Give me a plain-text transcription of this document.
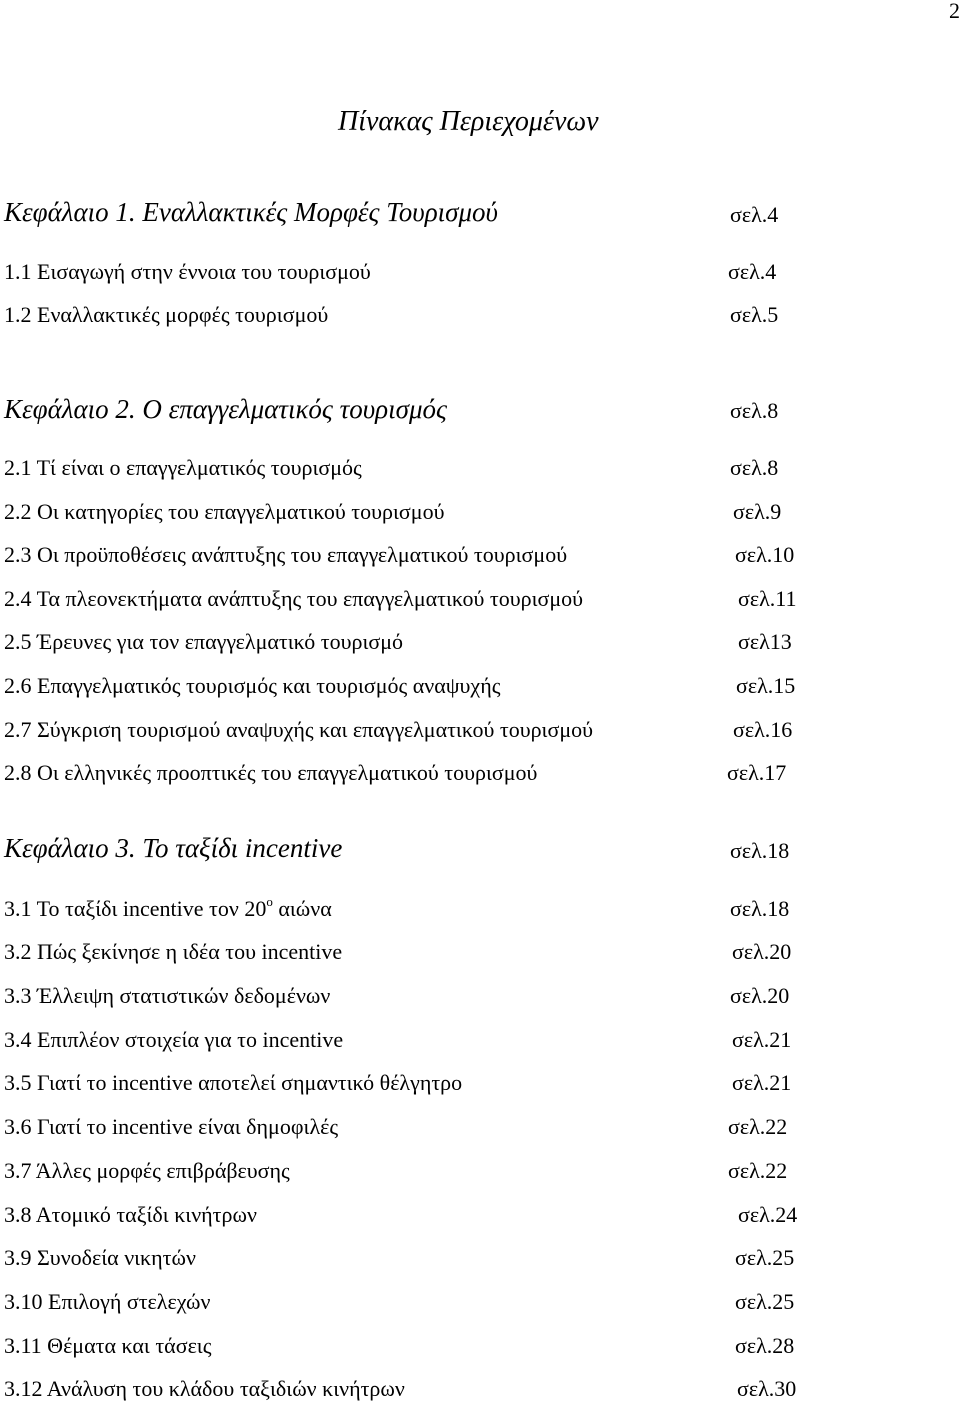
2
Πίνακας Περιεχομένων
Κεφάλαιο 1. Εναλλακτικές Μορφές Τουρισμού	σελ.4
1.1 Εισαγωγή στην έννοια του τουρισμού	σελ.4
1.2 Εναλλακτικές μορφές τουρισμού	σελ.5
Κεφάλαιο 2. Ο επαγγελματικός τουρισμός	σελ.8
2.1 Τί είναι ο επαγγελματικός τουρισμός	σελ.8
2.2 Οι κατηγορίες του επαγγελματικού τουρισμού	σελ.9
2.3 Οι προϋποθέσεις ανάπτυξης του επαγγελματικού τουρισμού	σελ.10
2.4 Τα πλεονεκτήματα ανάπτυξης του επαγγελματικού τουρισμού	σελ.11
2.5 Έρευνες για τον επαγγελματικό τουρισμό	σελ13
2.6 Επαγγελματικός τουρισμός και τουρισμός αναψυχής	σελ.15
2.7 Σύγκριση τουρισμού αναψυχής και επαγγελματικού τουρισμού	σελ.16
2.8 Οι ελληνικές προοπτικές του επαγγελματικού τουρισμού	σελ.17
Κεφάλαιο 3. Το ταξίδι incentive	σελ.18
3.1 Το ταξίδι incentive τον $20^o$ αιώνα	σελ.18
3.2 Πώς ξεκίνησε η ιδέα του incentive	σελ.20
3.3 Έλλειψη στατιστικών δεδομένων	σελ.20
3.4 Επιπλέον στοιχεία για το incentive	σελ.21
3.5 Γιατί το incentive αποτελεί σημαντικό θέλγητρο	σελ.21
3.6 Γιατί το incentive είναι δημοφιλές	σελ.22
3.7 Άλλες μορφές επιβράβευσης	σελ.22
3.8 Ατομικό ταξίδι κινήτρων	σελ.24
3.9 Συνοδεία νικητών	σελ.25
3.10 Επιλογή στελεχών	σελ.25
3.11 Θέματα και τάσεις	σελ.28
3.12 Ανάλυση του κλάδου ταξιδιών κινήτρων	σελ.30
